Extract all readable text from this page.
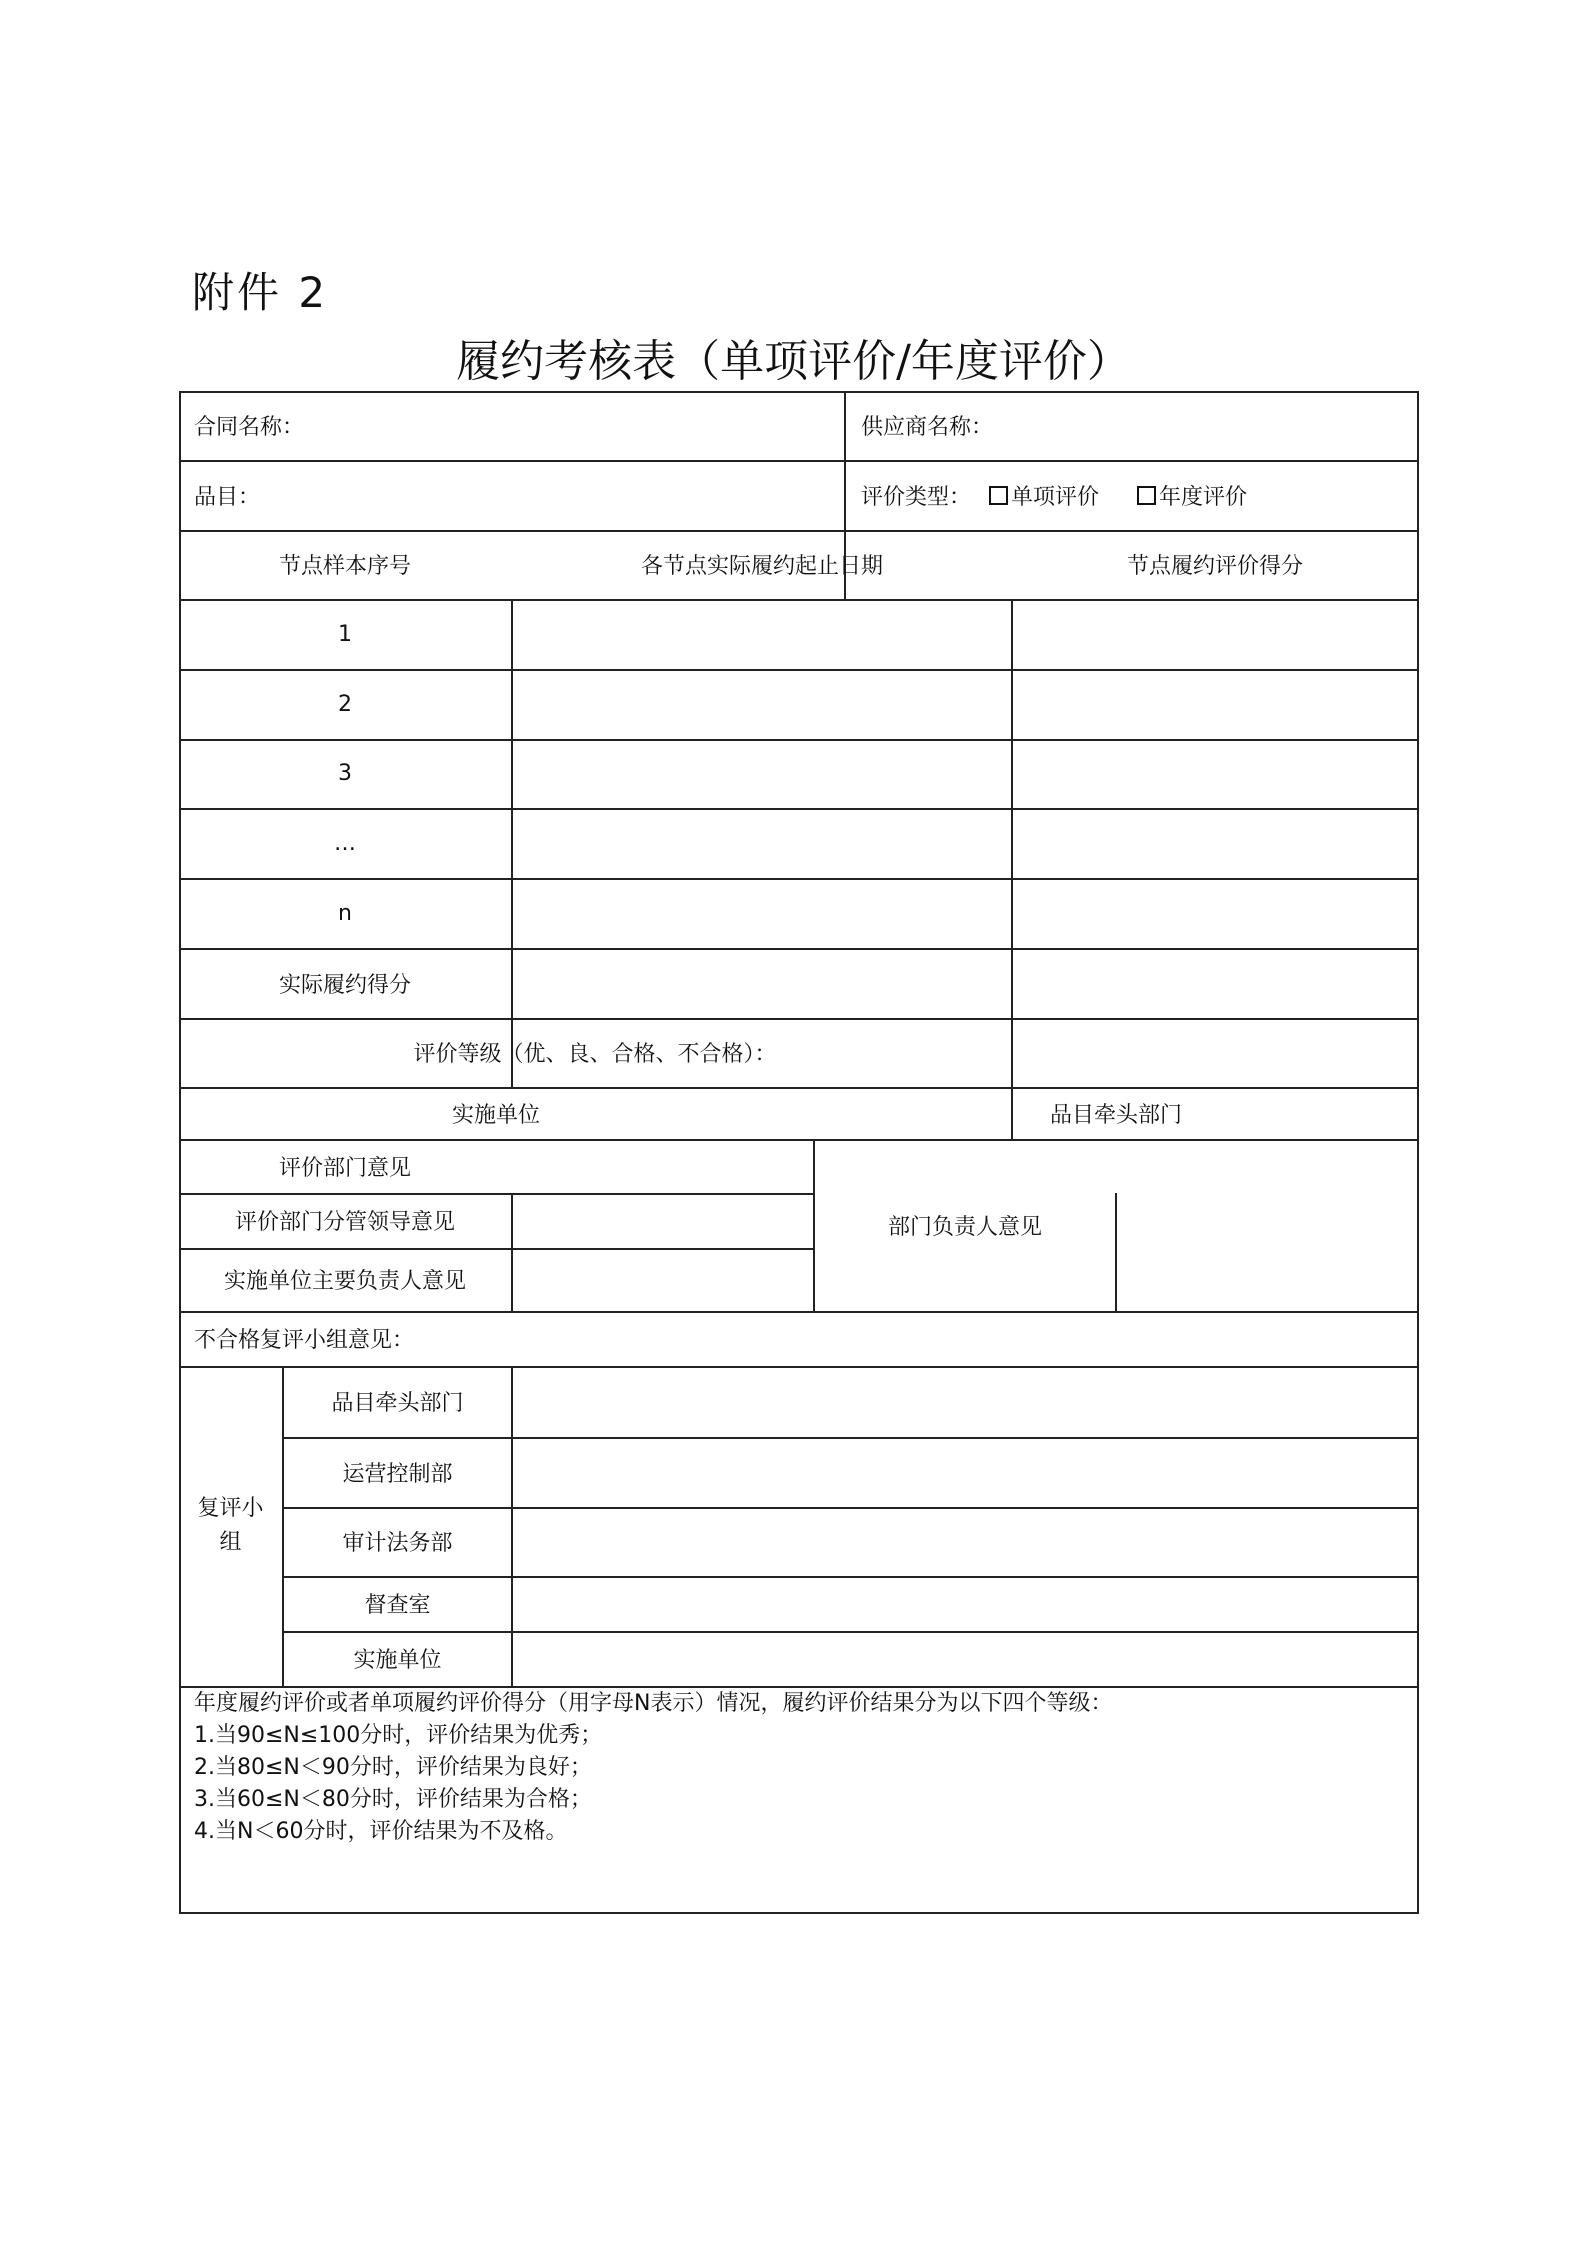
附件 2
履约考核表（单项评价/年度评价）
合同名称：	供应商名称：
品目：	评价类型： 单项评价	年度评价
节点样本序号	各节点实际履约起止日期	节点履约评价得分
1
2
3
…
n
实际履约得分
评价等级（优、良、合格、不合格）：
实施单位	品目牵头部门
评价部门意见
评价部门分管领导意见
实施单位主要负责人意见
部门负责人意见
不合格复评小组意见：
复评小
组
品目牵头部门
运营控制部
审计法务部
督查室
实施单位
年度履约评价或者单项履约评价得分（用字母N表示）情况，履约评价结果分为以下四个等级：
1.当90≤N≤100分时，评价结果为优秀；
2.当80≤N＜90分时，评价结果为良好；
3.当60≤N＜80分时，评价结果为合格；
4.当N＜60分时，评价结果为不及格。
